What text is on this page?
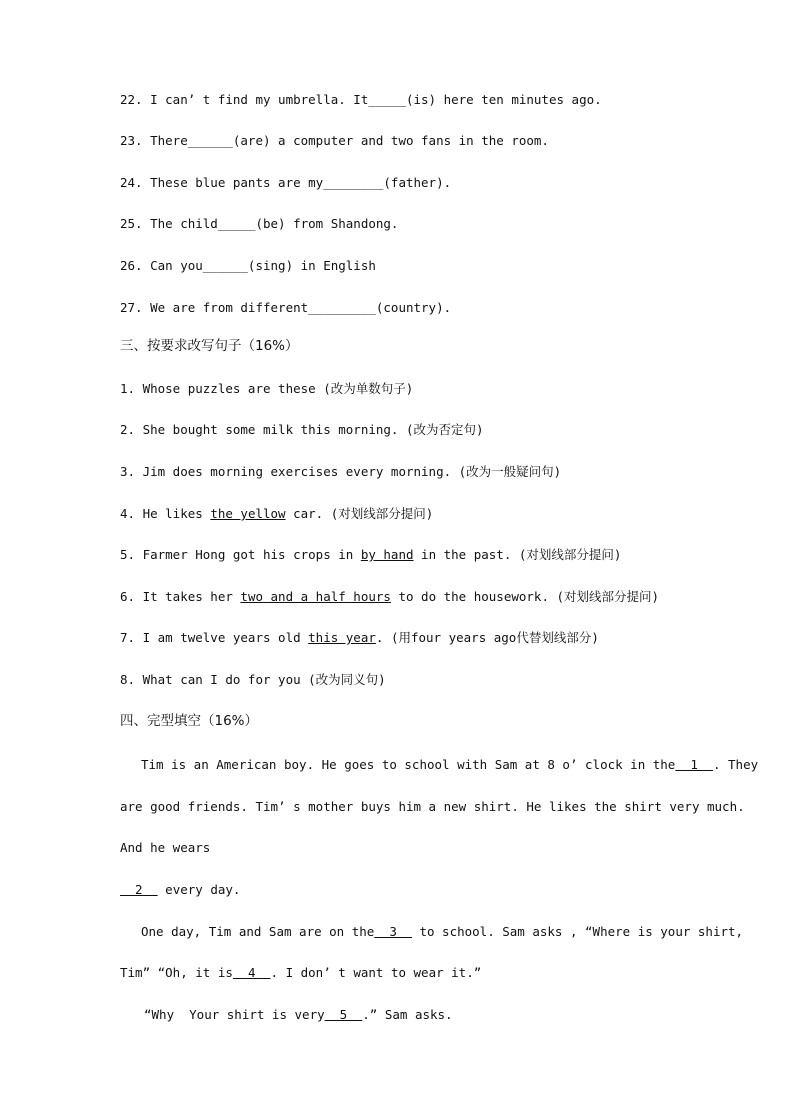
22. I can’ t find my umbrella. It_____(is) here ten minutes ago.
23. There______(are) a computer and two fans in the room.
24. These blue pants are my________(father).
25. The child_____(be) from Shandong.
26. Can you______(sing) in English
27. We are from different_________(country).
三、按要求改写句子（16%）
1. Whose puzzles are these (改为单数句子)
2. She bought some milk this morning. (改为否定句)
3. Jim does morning exercises every morning. (改为一般疑问句)
4. He likes the yellow car. (对划线部分提问)
5. Farmer Hong got his crops in by hand in the past. (对划线部分提问)
6. It takes her two and a half hours to do the housework. (对划线部分提问)
7. I am twelve years old this year. (用four years ago代替划线部分)
8. What can I do for you (改为同义句)
四、完型填空（16%）
Tim is an American boy. He goes to school with Sam at 8 o’ clock in the  1  . They
are good friends. Tim’ s mother buys him a new shirt. He likes the shirt very much.
And he wears
2   every day.
One day, Tim and Sam are on the  3   to school. Sam asks , “Where is your shirt,
Tim” “Oh, it is  4  . I don’ t want to wear it.”
“Why  Your shirt is very  5  .” Sam asks.
